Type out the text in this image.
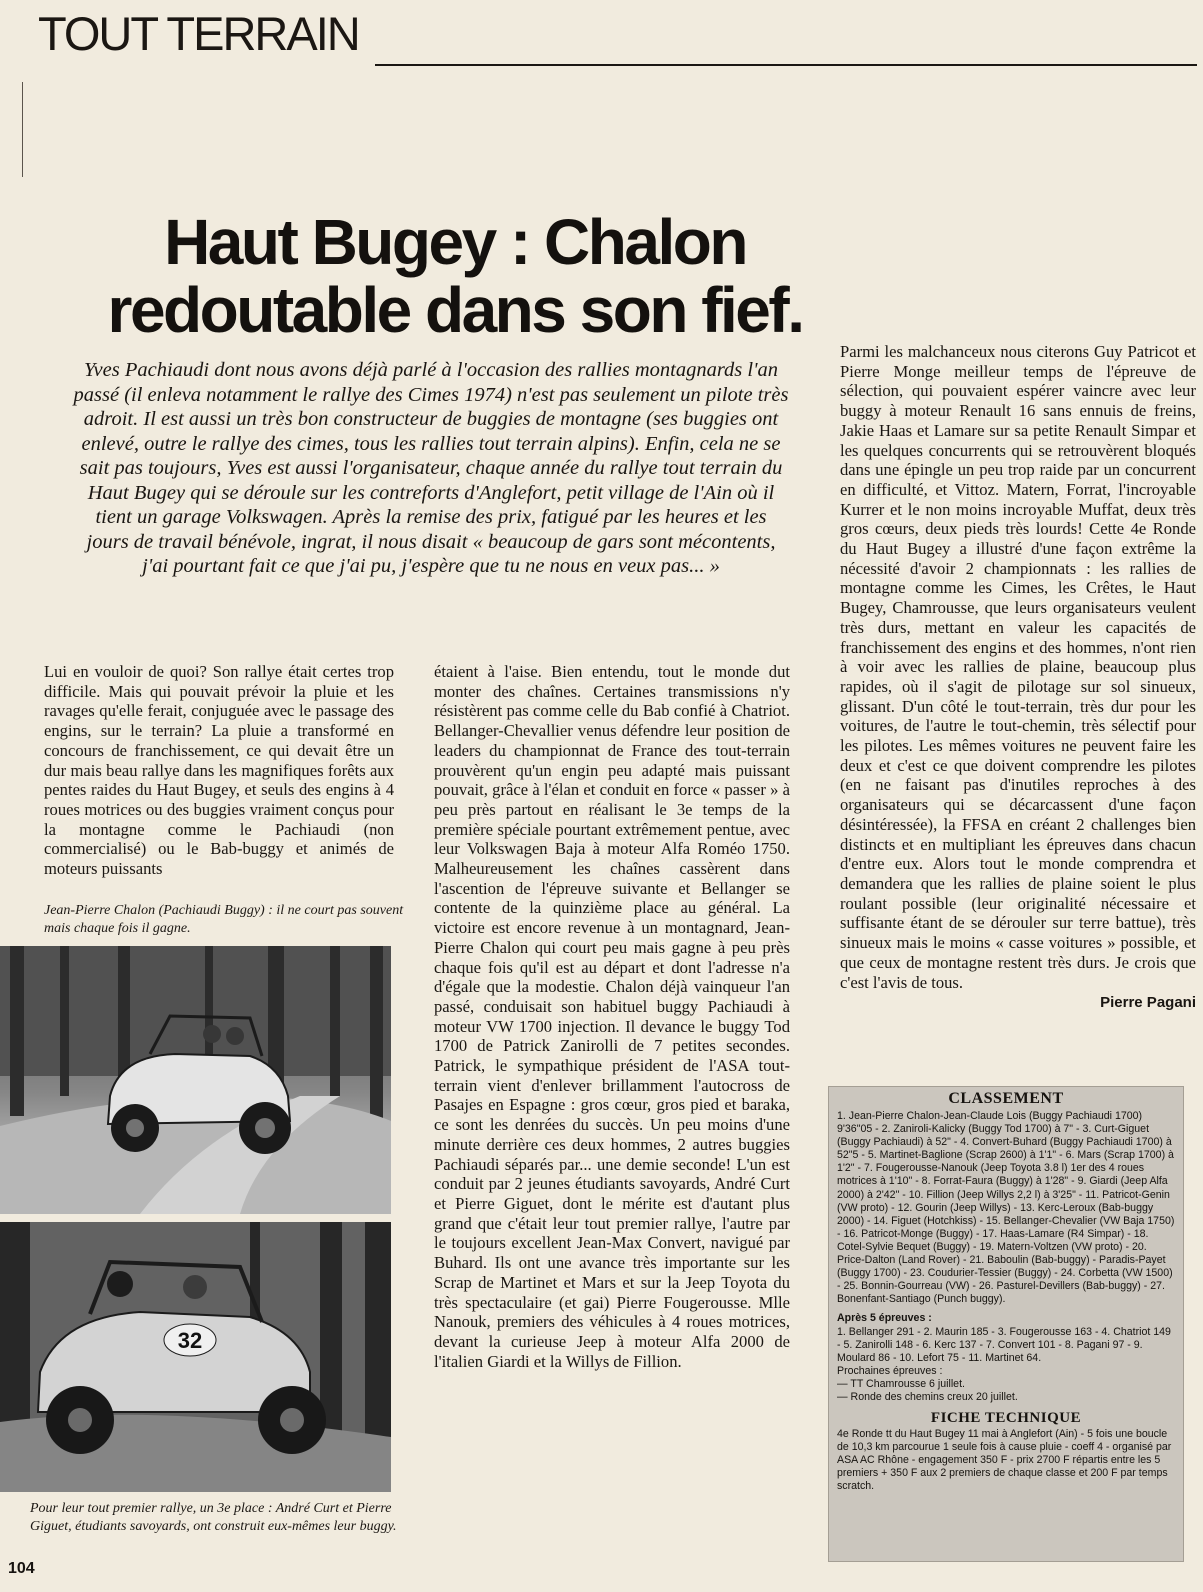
TOUT TERRAIN
Haut Bugey : Chalon
redoutable dans son fief.
Yves Pachiaudi dont nous avons déjà parlé à l'occasion des rallies montagnards l'an passé (il enleva notamment le rallye des Cimes 1974) n'est pas seulement un pilote très adroit. Il est aussi un très bon constructeur de buggies de montagne (ses buggies ont enlevé, outre le rallye des cimes, tous les rallies tout terrain alpins). Enfin, cela ne se sait pas toujours, Yves est aussi l'organisateur, chaque année du rallye tout terrain du Haut Bugey qui se déroule sur les contreforts d'Anglefort, petit village de l'Ain où il tient un garage Volkswagen. Après la remise des prix, fatigué par les heures et les jours de travail bénévole, ingrat, il nous disait « beaucoup de gars sont mécontents, j'ai pourtant fait ce que j'ai pu, j'espère que tu ne nous en veux pas... »

Parmi les malchanceux nous citerons Guy Patricot et Pierre Monge meilleur temps de l'épreuve de sélection, qui pouvaient espérer vaincre avec leur buggy à moteur Renault 16 sans ennuis de freins, Jakie Haas et Lamare sur sa petite Renault Simpar et les quelques concurrents qui se retrouvèrent bloqués dans une épingle un peu trop raide par un concurrent en difficulté, et Vittoz. Matern, Forrat, l'incroyable Kurrer et le non moins incroyable Muffat, deux très gros cœurs, deux pieds très lourds! Cette 4e Ronde du Haut Bugey a illustré d'une façon extrême la nécessité d'avoir 2 championnats : les rallies de montagne comme les Cimes, les Crêtes, le Haut Bugey, Chamrousse, que leurs organisateurs veulent très durs, mettant en valeur les capacités de franchissement des engins et des hommes, n'ont rien à voir avec les rallies de plaine, beaucoup plus rapides, où il s'agit de pilotage sur sol sinueux, glissant. D'un côté le tout-terrain, très dur pour les voitures, de l'autre le tout-chemin, très sélectif pour les pilotes. Les mêmes voitures ne peuvent faire les deux et c'est ce que doivent comprendre les pilotes (en ne faisant pas d'inutiles reproches à des organisateurs qui se décarcassent d'une façon désintéressée), la FFSA en créant 2 challenges bien distincts et en multipliant les épreuves dans chacun d'entre eux. Alors tout le monde comprendra et demandera que les rallies de plaine soient le plus roulant possible (leur originalité nécessaire et suffisante étant de se dérouler sur terre battue), très sinueux mais le moins « casse voitures » possible, et que ceux de montagne restent très durs. Je crois que c'est l'avis de tous.

Pierre Pagani

Lui en vouloir de quoi? Son rallye était certes trop difficile. Mais qui pouvait prévoir la pluie et les ravages qu'elle ferait, conjuguée avec le passage des engins, sur le terrain? La pluie a transformé en concours de franchissement, ce qui devait être un dur mais beau rallye dans les magnifiques forêts aux pentes raides du Haut Bugey, et seuls des engins à 4 roues motrices ou des buggies vraiment conçus pour la montagne comme le Pachiaudi (non commercialisé) ou le Bab-buggy et animés de moteurs puissants

Jean-Pierre Chalon (Pachiaudi Buggy) : il ne court pas souvent mais chaque fois il gagne.
32
Pour leur tout premier rallye, un 3e place : André Curt et Pierre Giguet, étudiants savoyards, ont construit eux-mêmes leur buggy.

étaient à l'aise. Bien entendu, tout le monde dut monter des chaînes. Certaines transmissions n'y résistèrent pas comme celle du Bab confié à Chatriot. Bellanger-Chevallier venus défendre leur position de leaders du championnat de France des tout-terrain prouvèrent qu'un engin peu adapté mais puissant pouvait, grâce à l'élan et conduit en force « passer » à peu près partout en réalisant le 3e temps de la première spéciale pourtant extrêmement pentue, avec leur Volkswagen Baja à moteur Alfa Roméo 1750. Malheureusement les chaînes cassèrent dans l'ascention de l'épreuve suivante et Bellanger se contente de la quinzième place au général. La victoire est encore revenue à un montagnard, Jean-Pierre Chalon qui court peu mais gagne à peu près chaque fois qu'il est au départ et dont l'adresse n'a d'égale que la modestie. Chalon déjà vainqueur l'an passé, conduisait son habituel buggy Pachiaudi à moteur VW 1700 injection. Il devance le buggy Tod 1700 de Patrick Zanirolli de 7 petites secondes. Patrick, le sympathique président de l'ASA tout-terrain vient d'enlever brillamment l'autocross de Pasajes en Espagne : gros cœur, gros pied et baraka, ce sont les denrées du succès. Un peu moins d'une minute derrière ces deux hommes, 2 autres buggies Pachiaudi séparés par... une demie seconde! L'un est conduit par 2 jeunes étudiants savoyards, André Curt et Pierre Giguet, dont le mérite est d'autant plus grand que c'était leur tout premier rallye, l'autre par le toujours excellent Jean-Max Convert, navigué par Buhard. Ils ont une avance très importante sur les Scrap de Martinet et Mars et sur la Jeep Toyota du très spectaculaire (et gai) Pierre Fougerousse. Mlle Nanouk, premiers des véhicules à 4 roues motrices, devant la curieuse Jeep à moteur Alfa 2000 de l'italien Giardi et la Willys de Fillion.

CLASSEMENT
1. Jean-Pierre Chalon-Jean-Claude Lois (Buggy Pachiaudi 1700) 9'36"05 - 2. Zaniroli-Kalicky (Buggy Tod 1700) à 7" - 3. Curt-Giguet (Buggy Pachiaudi) à 52" - 4. Convert-Buhard (Buggy Pachiaudi 1700) à 52"5 - 5. Martinet-Baglione (Scrap 2600) à 1'1" - 6. Mars (Scrap 1700) à 1'2" - 7. Fougerousse-Nanouk (Jeep Toyota 3.8 l) 1er des 4 roues motrices à 1'10" - 8. Forrat-Faura (Buggy) à 1'28" - 9. Giardi (Jeep Alfa 2000) à 2'42" - 10. Fillion (Jeep Willys 2,2 l) à 3'25" - 11. Patricot-Genin (VW proto) - 12. Gourin (Jeep Willys) - 13. Kerc-Leroux (Bab-buggy 2000) - 14. Figuet (Hotchkiss) - 15. Bellanger-Chevalier (VW Baja 1750) - 16. Patricot-Monge (Buggy) - 17. Haas-Lamare (R4 Simpar) - 18. Cotel-Sylvie Bequet (Buggy) - 19. Matern-Voltzen (VW proto) - 20. Price-Dalton (Land Rover) - 21. Baboulin (Bab-buggy) - Paradis-Payet (Buggy 1700) - 23. Coudurier-Tessier (Buggy) - 24. Corbetta (VW 1500) - 25. Bonnin-Gourreau (VW) - 26. Pasturel-Devillers (Bab-buggy) - 27. Bonenfant-Santiago (Punch buggy).
Après 5 épreuves :
1. Bellanger 291 - 2. Maurin 185 - 3. Fougerousse 163 - 4. Chatriot 149 - 5. Zanirolli 148 - 6. Kerc 137 - 7. Convert 101 - 8. Pagani 97 - 9. Moulard 86 - 10. Lefort 75 - 11. Martinet 64.
Prochaines épreuves :
— TT Chamrousse 6 juillet.
— Ronde des chemins creux 20 juillet.
FICHE TECHNIQUE
4e Ronde tt du Haut Bugey 11 mai à Anglefort (Ain) - 5 fois une boucle de 10,3 km parcourue 1 seule fois à cause pluie - coeff 4 - organisé par ASA AC Rhône - engagement 350 F - prix 2700 F répartis entre les 5 premiers + 350 F aux 2 premiers de chaque classe et 200 F par temps scratch.
104
